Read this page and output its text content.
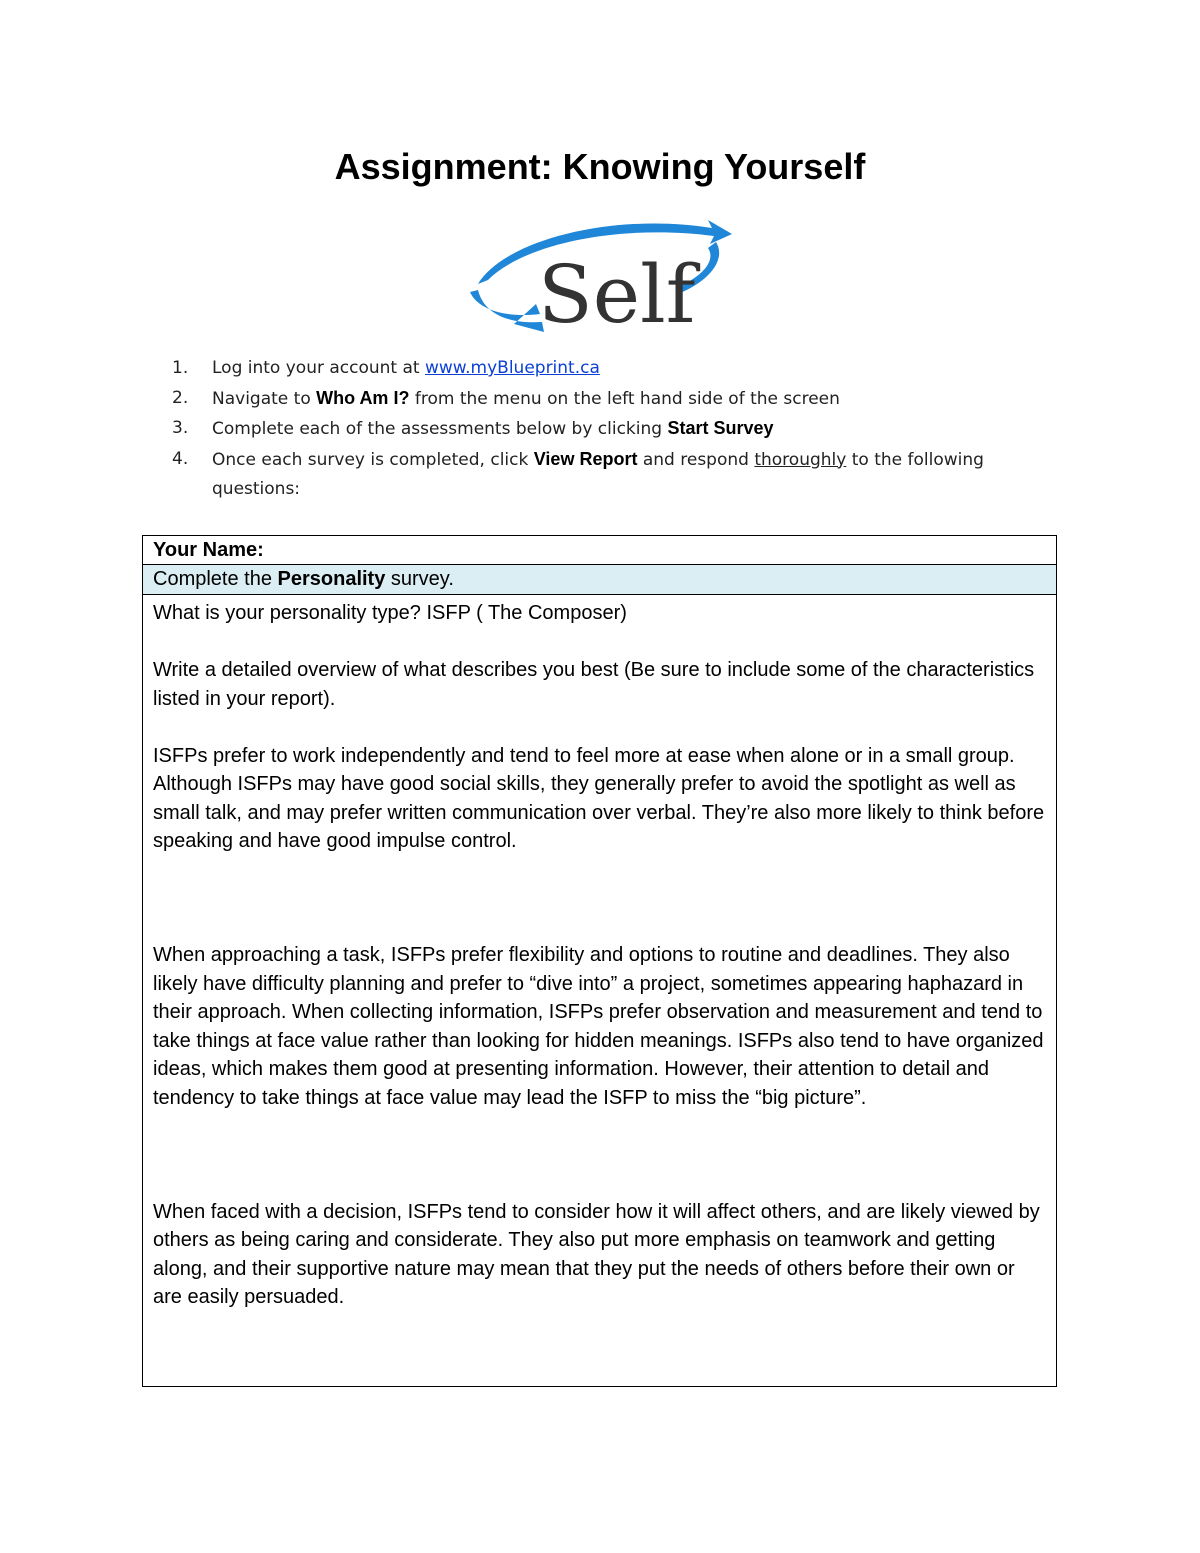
Assignment: Knowing Yourself
Self
1. Log into your account at www.myBlueprint.ca
2. Navigate to Who Am I? from the menu on the left hand side of the screen
3. Complete each of the assessments below by clicking Start Survey
4. Once each survey is completed, click View Report and respond thoroughly to the following questions:
Your Name:
Complete the Personality survey.

What is your personality type? ISFP ( The Composer)

Write a detailed overview of what describes you best (Be sure to include some of the characteristics listed in your report).

ISFPs prefer to work independently and tend to feel more at ease when alone or in a small group. Although ISFPs may have good social skills, they generally prefer to avoid the spotlight as well as small talk, and may prefer written communication over verbal. They’re also more likely to think before speaking and have good impulse control.

When approaching a task, ISFPs prefer flexibility and options to routine and deadlines. They also likely have difficulty planning and prefer to “dive into” a project, sometimes appearing haphazard in their approach. When collecting information, ISFPs prefer observation and measurement and tend to take things at face value rather than looking for hidden meanings. ISFPs also tend to have organized ideas, which makes them good at presenting information. However, their attention to detail and tendency to take things at face value may lead the ISFP to miss the “big picture”.

When faced with a decision, ISFPs tend to consider how it will affect others, and are likely viewed by others as being caring and considerate. They also put more emphasis on teamwork and getting along, and their supportive nature may mean that they put the needs of others before their own or are easily persuaded.
